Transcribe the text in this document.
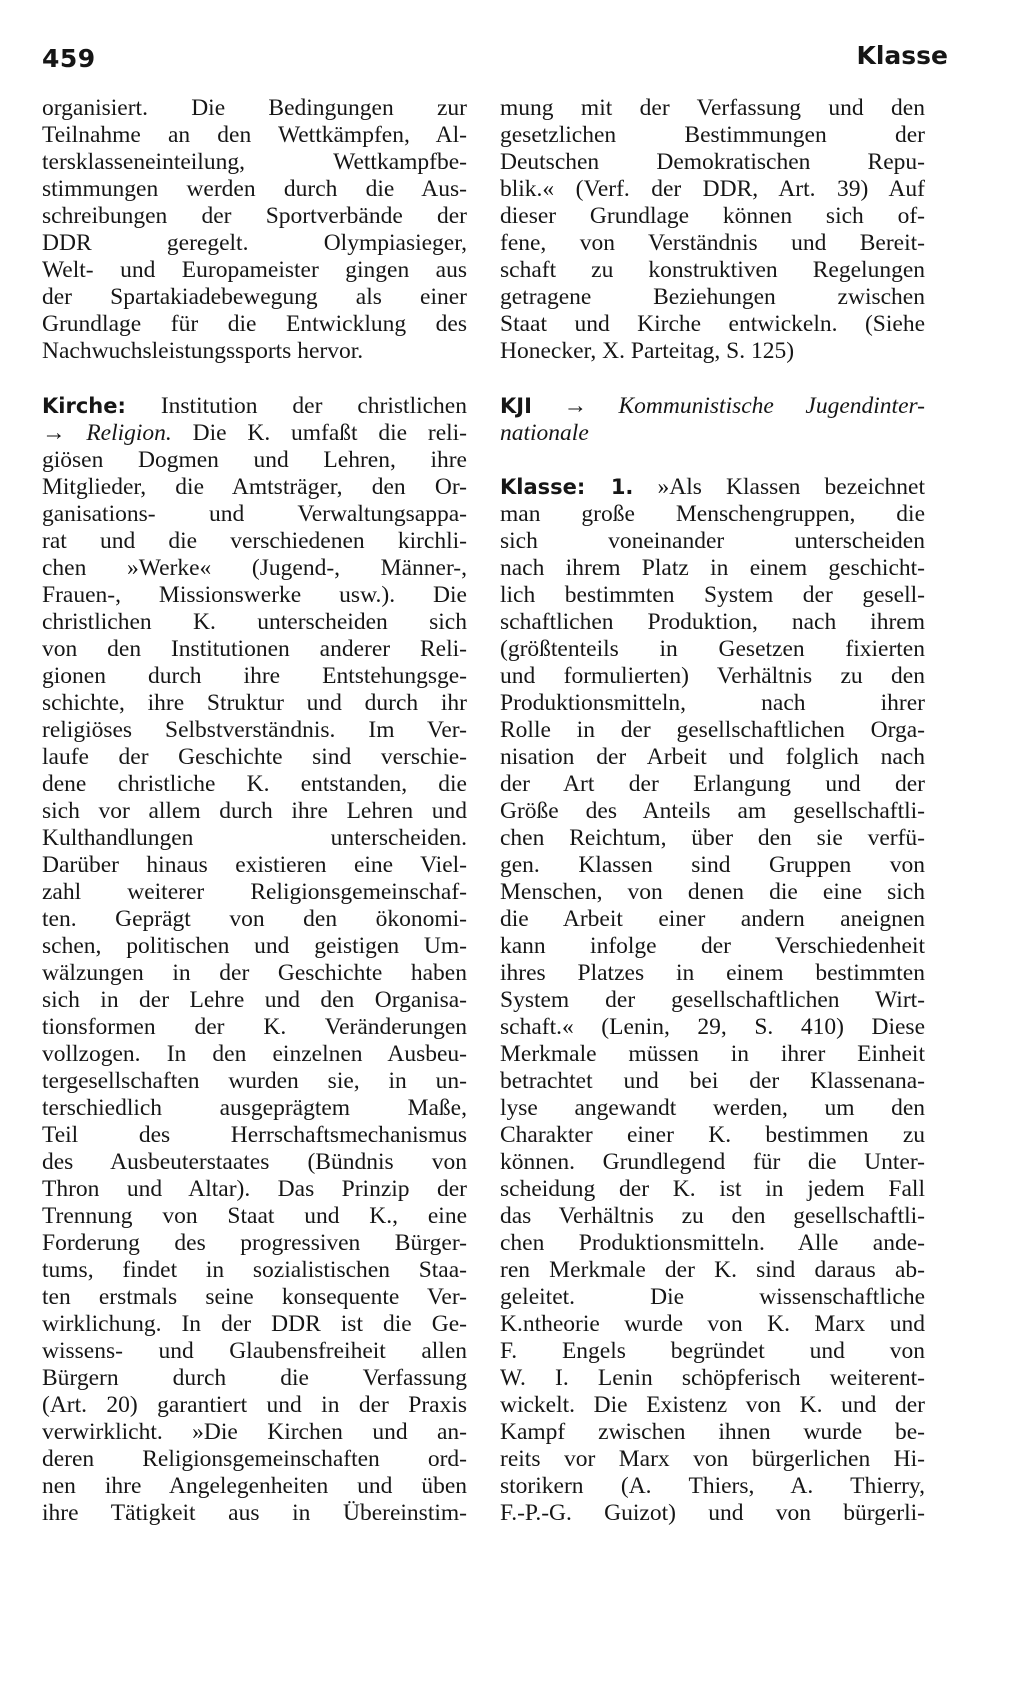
459	Klasse
organisiert. Die Bedingungen zur
Teilnahme an den Wettkämpfen, Al-
tersklasseneinteilung, Wettkampfbe-
stimmungen werden durch die Aus-
schreibungen der Sportverbände der
DDR geregelt. Olympiasieger,
Welt- und Europameister gingen aus
der Spartakiadebewegung als einer
Grundlage für die Entwicklung des
Nachwuchsleistungssports hervor.
Kirche: Institution der christlichen
→ Religion. Die K. umfaßt die reli-
giösen Dogmen und Lehren, ihre
Mitglieder, die Amtsträger, den Or-
ganisations- und Verwaltungsappa-
rat und die verschiedenen kirchli-
chen »Werke« (Jugend-, Männer-,
Frauen-, Missionswerke usw.). Die
christlichen K. unterscheiden sich
von den Institutionen anderer Reli-
gionen durch ihre Entstehungsge-
schichte, ihre Struktur und durch ihr
religiöses Selbstverständnis. Im Ver-
laufe der Geschichte sind verschie-
dene christliche K. entstanden, die
sich vor allem durch ihre Lehren und
Kulthandlungen unterscheiden.
Darüber hinaus existieren eine Viel-
zahl weiterer Religionsgemeinschaf-
ten. Geprägt von den ökonomi-
schen, politischen und geistigen Um-
wälzungen in der Geschichte haben
sich in der Lehre und den Organisa-
tionsformen der K. Veränderungen
vollzogen. In den einzelnen Ausbeu-
tergesellschaften wurden sie, in un-
terschiedlich ausgeprägtem Maße,
Teil des Herrschaftsmechanismus
des Ausbeuterstaates (Bündnis von
Thron und Altar). Das Prinzip der
Trennung von Staat und K., eine
Forderung des progressiven Bürger-
tums, findet in sozialistischen Staa-
ten erstmals seine konsequente Ver-
wirklichung. In der DDR ist die Ge-
wissens- und Glaubensfreiheit allen
Bürgern durch die Verfassung
(Art. 20) garantiert und in der Praxis
verwirklicht. »Die Kirchen und an-
deren Religionsgemeinschaften ord-
nen ihre Angelegenheiten und üben
ihre Tätigkeit aus in Übereinstim-
mung mit der Verfassung und den
gesetzlichen Bestimmungen der
Deutschen Demokratischen Repu-
blik.« (Verf. der DDR, Art. 39) Auf
dieser Grundlage können sich of-
fene, von Verständnis und Bereit-
schaft zu konstruktiven Regelungen
getragene Beziehungen zwischen
Staat und Kirche entwickeln. (Siehe
Honecker, X. Parteitag, S. 125)
KJI → Kommunistische Jugendinter-
nationale
Klasse: 1. »Als Klassen bezeichnet
man große Menschengruppen, die
sich voneinander unterscheiden
nach ihrem Platz in einem geschicht-
lich bestimmten System der gesell-
schaftlichen Produktion, nach ihrem
(größtenteils in Gesetzen fixierten
und formulierten) Verhältnis zu den
Produktionsmitteln, nach ihrer
Rolle in der gesellschaftlichen Orga-
nisation der Arbeit und folglich nach
der Art der Erlangung und der
Größe des Anteils am gesellschaftli-
chen Reichtum, über den sie verfü-
gen. Klassen sind Gruppen von
Menschen, von denen die eine sich
die Arbeit einer andern aneignen
kann infolge der Verschiedenheit
ihres Platzes in einem bestimmten
System der gesellschaftlichen Wirt-
schaft.« (Lenin, 29, S. 410) Diese
Merkmale müssen in ihrer Einheit
betrachtet und bei der Klassenana-
lyse angewandt werden, um den
Charakter einer K. bestimmen zu
können. Grundlegend für die Unter-
scheidung der K. ist in jedem Fall
das Verhältnis zu den gesellschaftli-
chen Produktionsmitteln. Alle ande-
ren Merkmale der K. sind daraus ab-
geleitet. Die wissenschaftliche
K.ntheorie wurde von K. Marx und
F. Engels begründet und von
W. I. Lenin schöpferisch weiterent-
wickelt. Die Existenz von K. und der
Kampf zwischen ihnen wurde be-
reits vor Marx von bürgerlichen Hi-
storikern (A. Thiers, A. Thierry,
F.-P.-G. Guizot) und von bürgerli-
